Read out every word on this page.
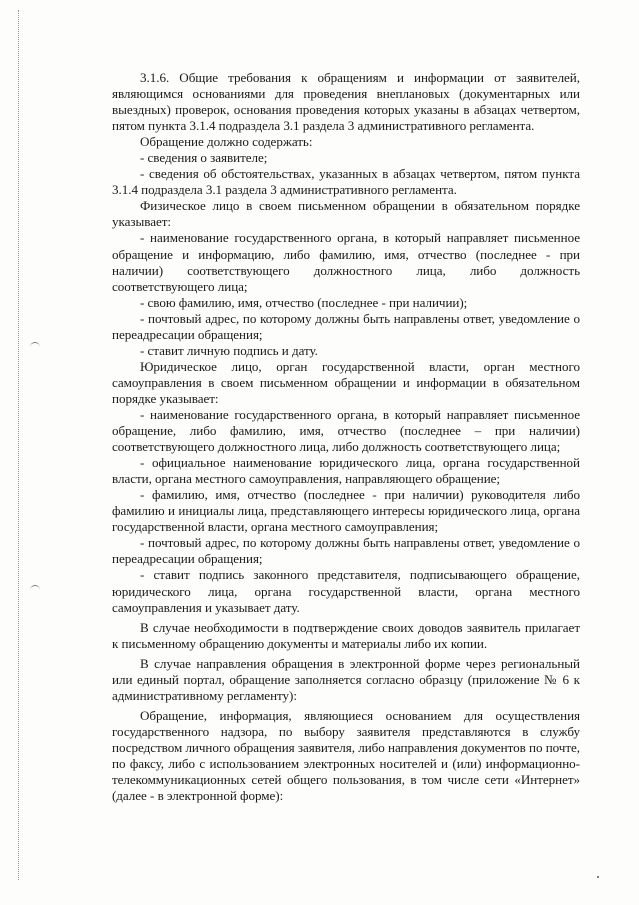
3.1.6. Общие требования к обращениям и информации от заявителей, являющимся основаниями для проведения внеплановых (документарных или выездных) проверок, основания проведения которых указаны в абзацах четвертом, пятом пункта 3.1.4 подраздела 3.1 раздела 3 административного регламента.

Обращение должно содержать:

- сведения о заявителе;

- сведения об обстоятельствах, указанных в абзацах четвертом, пятом пункта 3.1.4 подраздела 3.1 раздела 3 административного регламента.

Физическое лицо в своем письменном обращении в обязательном порядке указывает:

- наименование государственного органа, в который направляет письменное обращение и информацию, либо фамилию, имя, отчество (последнее - при наличии) соответствующего должностного лица, либо должность соответствующего лица;

- свою фамилию, имя, отчество (последнее - при наличии);

- почтовый адрес, по которому должны быть направлены ответ, уведомление о переадресации обращения;

- ставит личную подпись и дату.

Юридическое лицо, орган государственной власти, орган местного самоуправления в своем письменном обращении и информации в обязательном порядке указывает:

- наименование государственного органа, в который направляет письменное обращение, либо фамилию, имя, отчество (последнее – при наличии) соответствующего должностного лица, либо должность соответствующего лица;

- официальное наименование юридического лица, органа государственной власти, органа местного самоуправления, направляющего обращение;

- фамилию, имя, отчество (последнее - при наличии) руководителя либо фамилию и инициалы лица, представляющего интересы юридического лица, органа государственной власти, органа местного самоуправления;

- почтовый адрес, по которому должны быть направлены ответ, уведомление о переадресации обращения;

- ставит подпись законного представителя, подписывающего обращение, юридического лица, органа государственной власти, органа местного самоуправления и указывает дату.

В случае необходимости в подтверждение своих доводов заявитель прилагает к письменному обращению документы и материалы либо их копии.

В случае направления обращения в электронной форме через региональный или единый портал, обращение заполняется согласно образцу (приложение № 6 к административному регламенту):

Обращение, информация, являющиеся основанием для осуществления государственного надзора, по выбору заявителя представляются в службу посредством личного обращения заявителя, либо направления документов по почте, по факсу, либо с использованием электронных носителей и (или) информационно-телекоммуникационных сетей общего пользования, в том числе сети «Интернет» (далее - в электронной форме):
